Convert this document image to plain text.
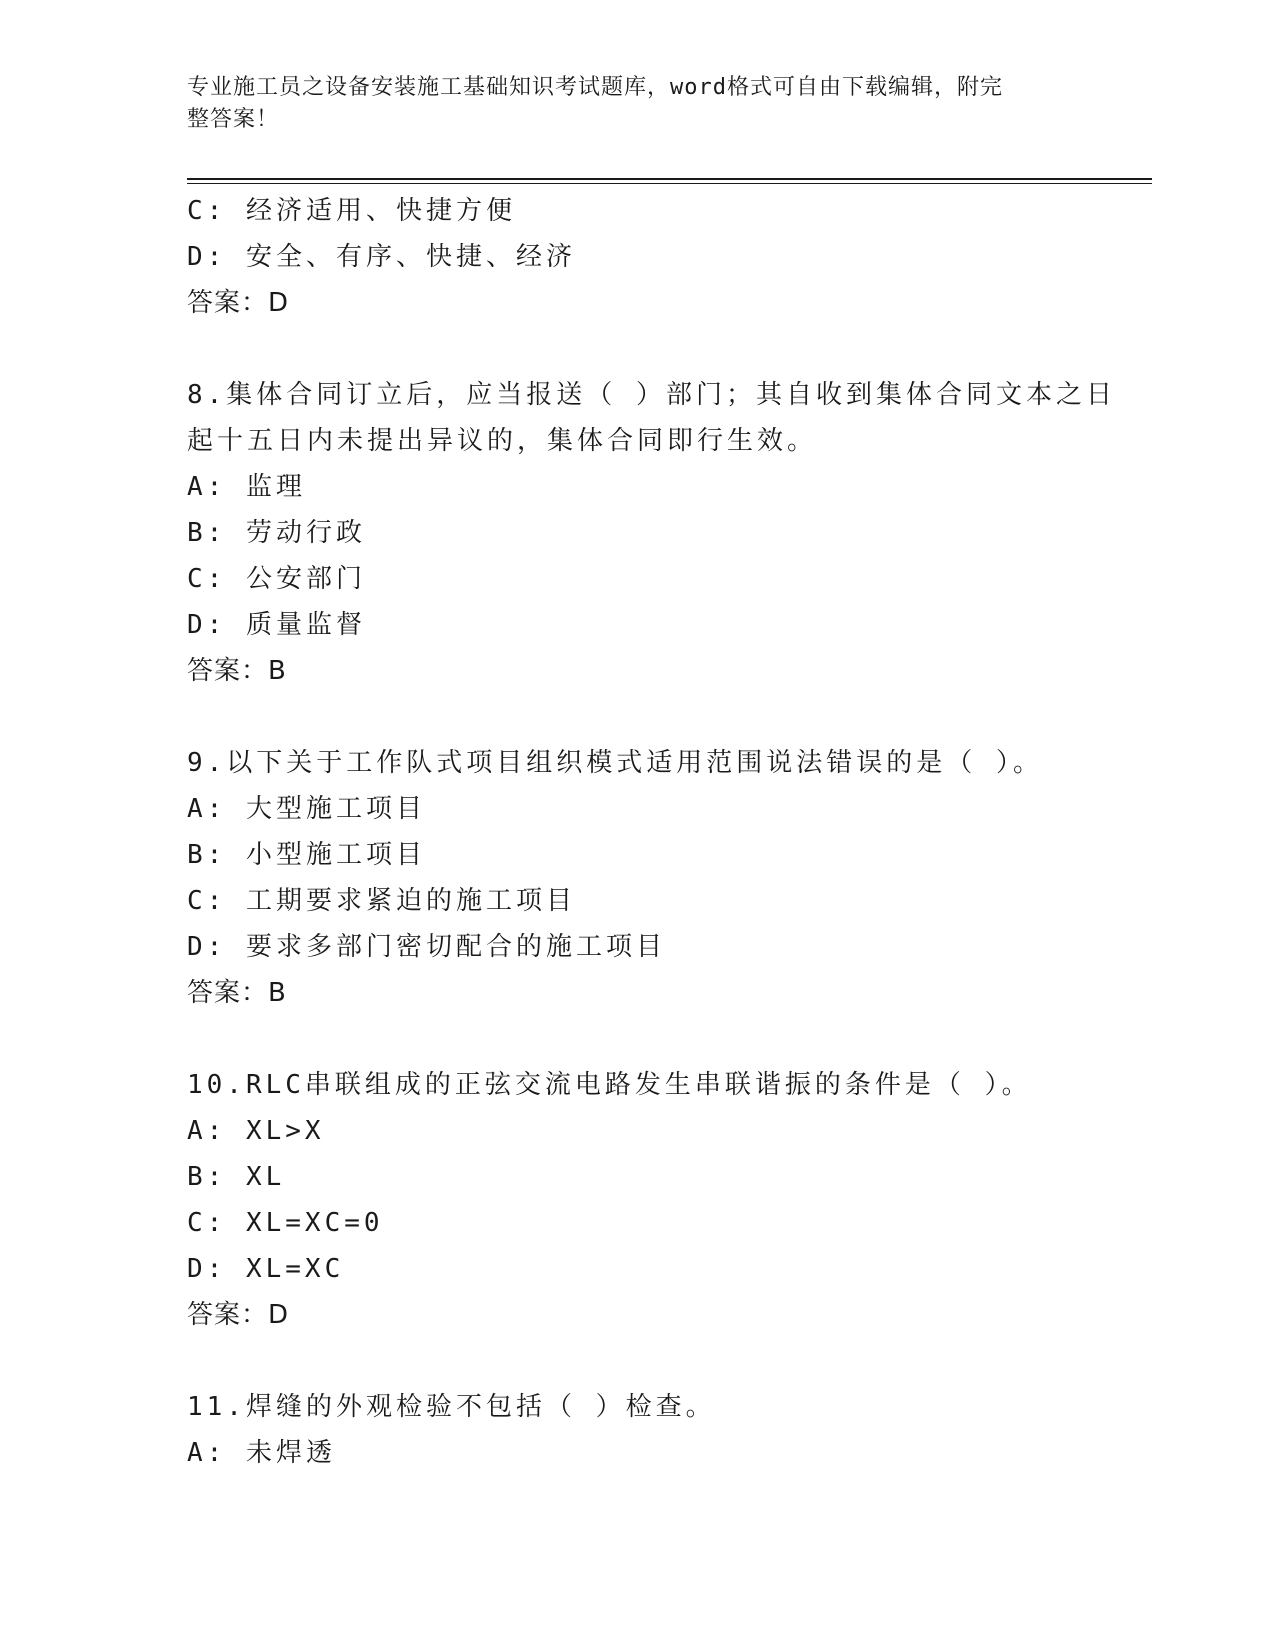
专业施工员之设备安装施工基础知识考试题库，word格式可自由下载编辑，附完
整答案！

C: 经济适用、快捷方便

D: 安全、有序、快捷、经济

答案：D

8.集体合同订立后，应当报送（ ）部门；其自收到集体合同文本之日

起十五日内未提出异议的，集体合同即行生效。

A: 监理

B: 劳动行政

C: 公安部门

D: 质量监督

答案：B

9.以下关于工作队式项目组织模式适用范围说法错误的是（ ）。

A: 大型施工项目

B: 小型施工项目

C: 工期要求紧迫的施工项目

D: 要求多部门密切配合的施工项目

答案：B

10.RLC串联组成的正弦交流电路发生串联谐振的条件是（ ）。

A: XL>X

B: XL

C: XL=XC=0

D: XL=XC

答案：D

11.焊缝的外观检验不包括（ ）检查。

A: 未焊透
